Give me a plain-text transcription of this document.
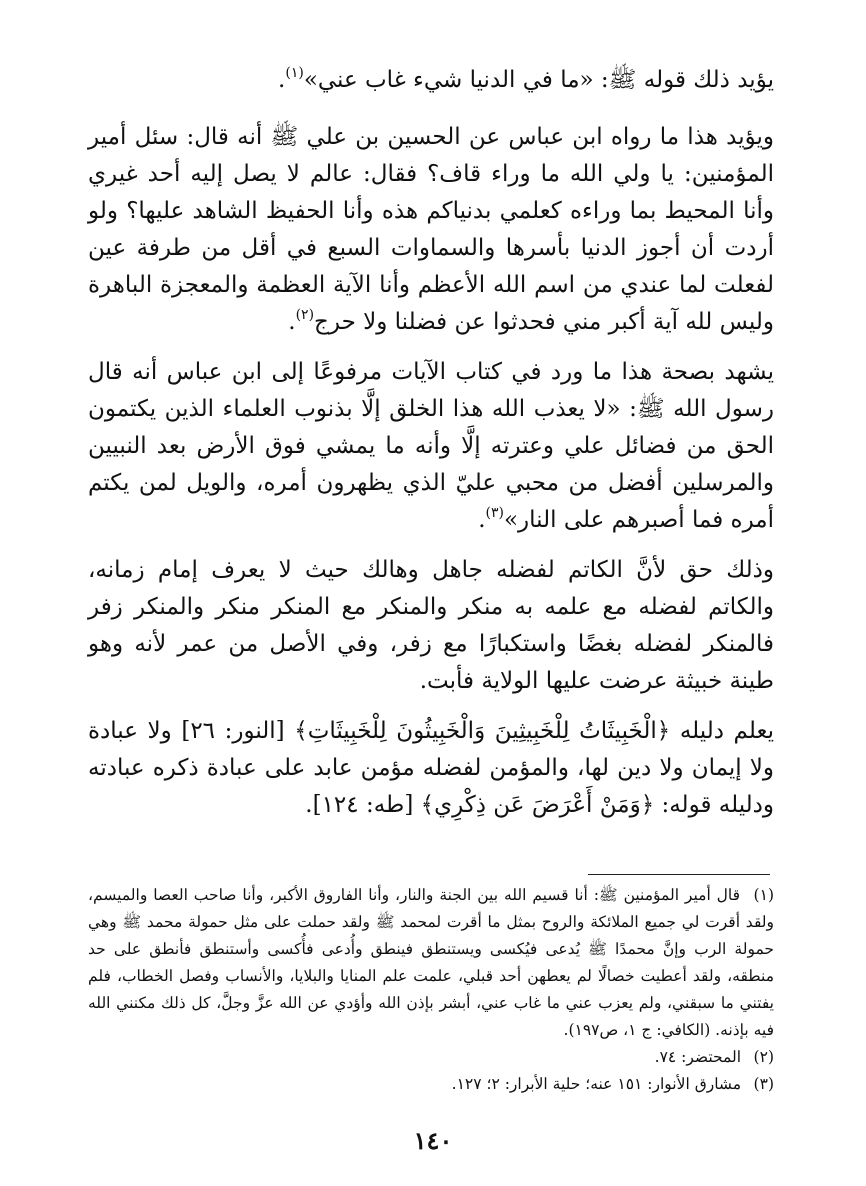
يؤيد ذلك قوله ﷺ: «ما في الدنيا شيء غاب عني»$^{(١)}$.

ويؤيد هذا ما رواه ابن عباس عن الحسين بن علي ﷺ أنه قال: سئل أمير المؤمنين: يا ولي الله ما وراء قاف؟ فقال: عالم لا يصل إليه أحد غيري وأنا المحيط بما وراءه كعلمي بدنياكم هذه وأنا الحفيظ الشاهد عليها؟ ولو أردت أن أجوز الدنيا بأسرها والسماوات السبع في أقل من طرفة عين لفعلت لما عندي من اسم الله الأعظم وأنا الآية العظمة والمعجزة الباهرة وليس لله آية أكبر مني فحدثوا عن فضلنا ولا حرج$^{(٢)}$.

يشهد بصحة هذا ما ورد في كتاب الآيات مرفوعًا إلى ابن عباس أنه قال رسول الله ﷺ: «لا يعذب الله هذا الخلق إلَّا بذنوب العلماء الذين يكتمون الحق من فضائل علي وعترته إلَّا وأنه ما يمشي فوق الأرض بعد النبيين والمرسلين أفضل من محبي عليّ الذي يظهرون أمره، والويل لمن يكتم أمره فما أصبرهم على النار»$^{(٣)}$.

وذلك حق لأنَّ الكاتم لفضله جاهل وهالك حيث لا يعرف إمام زمانه، والكاتم لفضله مع علمه به منكر والمنكر مع المنكر منكر والمنكر زفر فالمنكر لفضله بغضًا واستكبارًا مع زفر، وفي الأصل من عمر لأنه وهو طينة خبيثة عرضت عليها الولاية فأبت.

يعلم دليله ﴿الْخَبِيثَاتُ لِلْخَبِيثِينَ وَالْخَبِيثُونَ لِلْخَبِيثَاتِ﴾ [النور: ٢٦] ولا عبادة ولا إيمان ولا دين لها، والمؤمن لفضله مؤمن عابد على عبادة ذكره عبادته ودليله قوله: ﴿وَمَنْ أَعْرَضَ عَن ذِكْرِي﴾ [طه: ١٢٤].

(١) قال أمير المؤمنين ﷺ: أنا قسيم الله بين الجنة والنار، وأنا الفاروق الأكبر، وأنا صاحب العصا والميسم، ولقد أقرت لي جميع الملائكة والروح بمثل ما أقرت لمحمد ﷺ ولقد حملت على مثل حمولة محمد ﷺ وهي حمولة الرب وإنَّ محمدًا ﷺ يُدعى فيُكسى ويستنطق فينطق وأُدعى فأُكسى وأستنطق فأنطق على حد منطقه، ولقد أعطيت خصالًا لم يعطهن أحد قبلي، علمت علم المنايا والبلايا، والأنساب وفصل الخطاب، فلم يفتني ما سبقني، ولم يعزب عني ما غاب عني، أبشر بإذن الله وأؤدي عن الله عزَّ وجلَّ، كل ذلك مكنني الله فيه بإذنه. (الكافي: ج ١، ص١٩٧).

(٢) المحتضر: ٧٤.

(٣) مشارق الأنوار: ١٥١ عنه؛ حلية الأبرار: ٢؛ ١٢٧.

١٤٠
